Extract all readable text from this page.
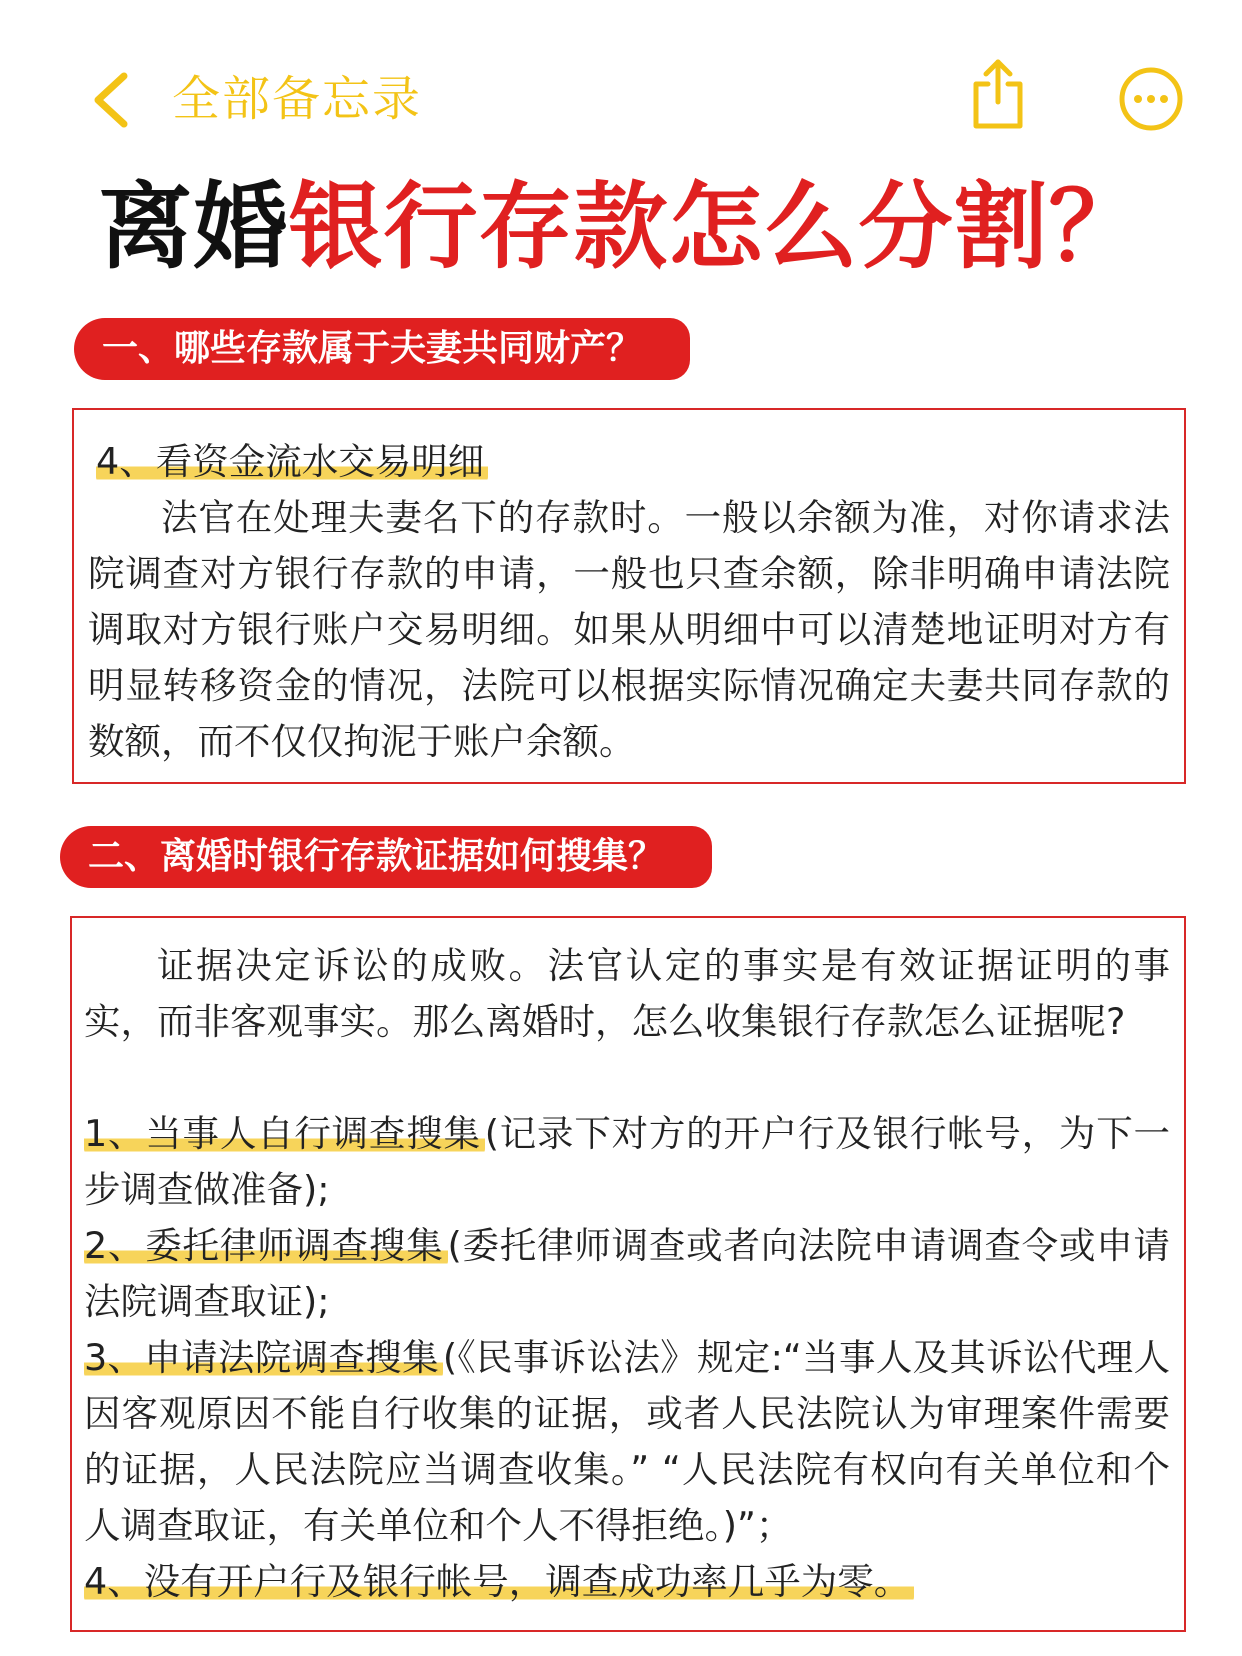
全部备忘录
离婚银行存款怎么分割？
一、哪些存款属于夫妻共同财产？
4、看资金流水交易明细
法官在处理夫妻名下的存款时。一般以余额为准，对你请求法院调查对方银行存款的申请，一般也只查余额，除非明确申请法院调取对方银行账户交易明细。如果从明细中可以清楚地证明对方有明显转移资金的情况，法院可以根据实际情况确定夫妻共同存款的数额，而不仅仅拘泥于账户余额。
二、离婚时银行存款证据如何搜集？
证据决定诉讼的成败。法官认定的事实是有效证据证明的事实，而非客观事实。那么离婚时，怎么收集银行存款怎么证据呢?
1、当事人自行调查搜集 (记录下对方的开户行及银行帐号，为下一步调查做准备);
2、委托律师调查搜集 (委托律师调查或者向法院申请调查令或申请法院调查取证);
3、申请法院调查搜集 (《民事诉讼法》规定:“当事人及其诉讼代理人因客观原因不能自行收集的证据，或者人民法院认为审理案件需要的证据，人民法院应当调查收集。” “人民法院有权向有关单位和个人调查取证，有关单位和个人不得拒绝。)”；
4、没有开户行及银行帐号，调查成功率几乎为零。
